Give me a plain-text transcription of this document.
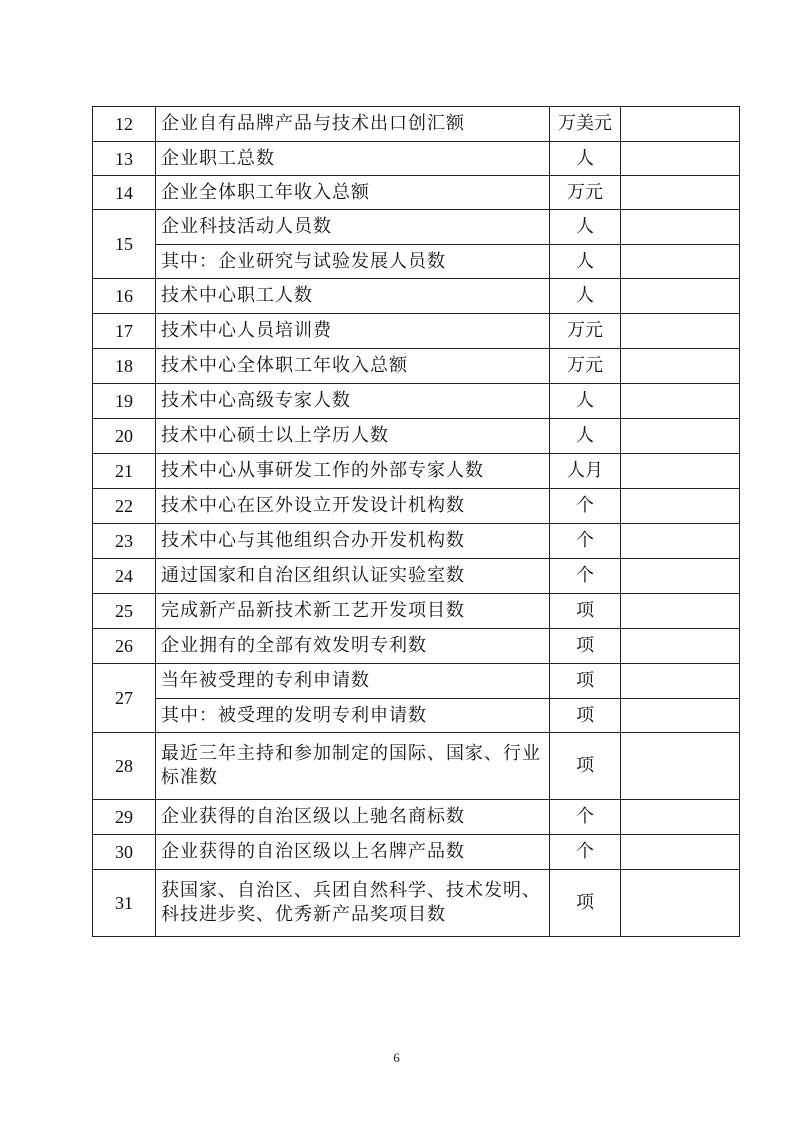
12	企业自有品牌产品与技术出口创汇额	万美元	
13	企业职工总数	人	
14	企业全体职工年收入总额	万元	
15	企业科技活动人员数	人	
	其中：企业研究与试验发展人员数	人	
16	技术中心职工人数	人	
17	技术中心人员培训费	万元	
18	技术中心全体职工年收入总额	万元	
19	技术中心高级专家人数	人	
20	技术中心硕士以上学历人数	人	
21	技术中心从事研发工作的外部专家人数	人月	
22	技术中心在区外设立开发设计机构数	个	
23	技术中心与其他组织合办开发机构数	个	
24	通过国家和自治区组织认证实验室数	个	
25	完成新产品新技术新工艺开发项目数	项	
26	企业拥有的全部有效发明专利数	项	
27	当年被受理的专利申请数	项	
	其中：被受理的发明专利申请数	项	
28	最近三年主持和参加制定的国际、国家、行业标准数	项	
29	企业获得的自治区级以上驰名商标数	个	
30	企业获得的自治区级以上名牌产品数	个	
31	获国家、自治区、兵团自然科学、技术发明、科技进步奖、优秀新产品奖项目数	项	
6
